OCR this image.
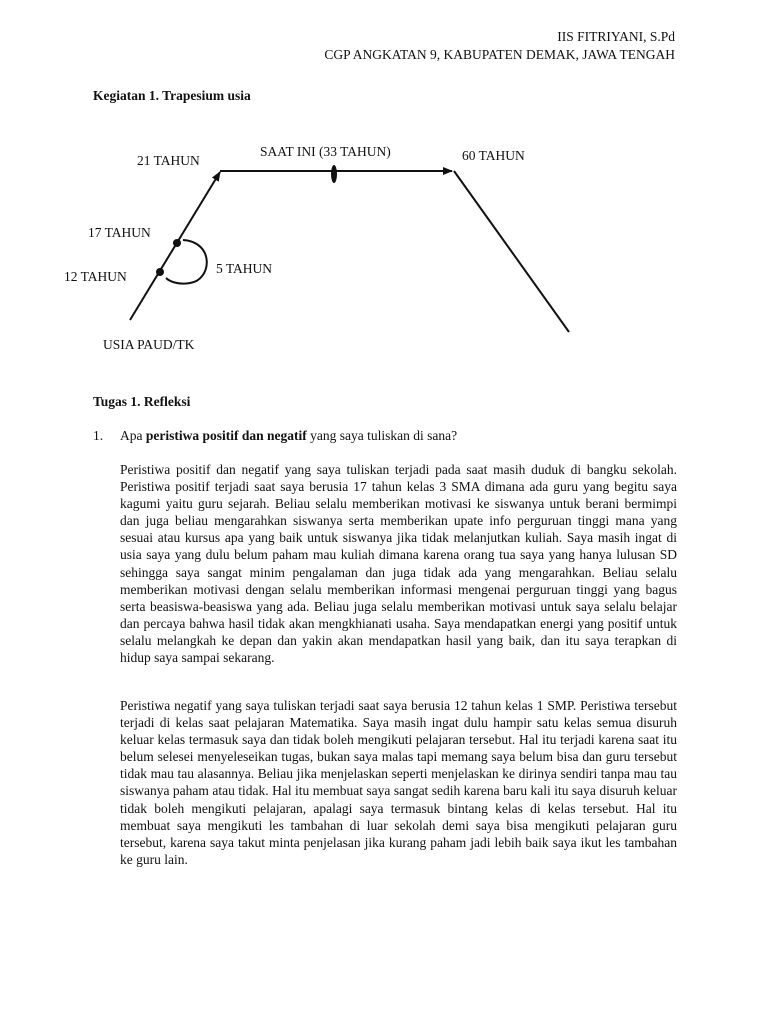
IIS FITRIYANI, S.Pd
CGP ANGKATAN 9, KABUPATEN DEMAK, JAWA TENGAH
Kegiatan 1. Trapesium usia
SAAT INI (33 TAHUN)
21 TAHUN	60 TAHUN
17 TAHUN
12 TAHUN
5 TAHUN
USIA PAUD/TK
Tugas 1. Refleksi
1. Apa peristiwa positif dan negatif yang saya tuliskan di sana?

Peristiwa positif dan negatif yang saya tuliskan terjadi pada saat masih duduk di bangku sekolah. Peristiwa positif terjadi saat saya berusia 17 tahun kelas 3 SMA dimana ada guru yang begitu saya kagumi yaitu guru sejarah. Beliau selalu memberikan motivasi ke siswanya untuk berani bermimpi dan juga beliau mengarahkan siswanya serta memberikan upate info perguruan tinggi mana yang sesuai atau kursus apa yang baik untuk siswanya jika tidak melanjutkan kuliah. Saya masih ingat di usia saya yang dulu belum paham mau kuliah dimana karena orang tua saya yang hanya lulusan SD sehingga saya sangat minim pengalaman dan juga tidak ada yang mengarahkan. Beliau selalu memberikan motivasi dengan selalu memberikan informasi mengenai perguruan tinggi yang bagus serta beasiswa-beasiswa yang ada. Beliau juga selalu memberikan motivasi untuk saya selalu belajar dan percaya bahwa hasil tidak akan mengkhianati usaha. Saya mendapatkan energi yang positif untuk selalu melangkah ke depan dan yakin akan mendapatkan hasil yang baik, dan itu saya terapkan di hidup saya sampai sekarang.

Peristiwa negatif yang saya tuliskan terjadi saat saya berusia 12 tahun kelas 1 SMP. Peristiwa tersebut terjadi di kelas saat pelajaran Matematika. Saya masih ingat dulu hampir satu kelas semua disuruh keluar kelas termasuk saya dan tidak boleh mengikuti pelajaran tersebut. Hal itu terjadi karena saat itu belum selesei menyeleseikan tugas, bukan saya malas tapi memang saya belum bisa dan guru tersebut tidak mau tau alasannya. Beliau jika menjelaskan seperti menjelaskan ke dirinya sendiri tanpa mau tau siswanya paham atau tidak. Hal itu membuat saya sangat sedih karena baru kali itu saya disuruh keluar tidak boleh mengikuti pelajaran, apalagi saya termasuk bintang kelas di kelas tersebut. Hal itu membuat saya mengikuti les tambahan di luar sekolah demi saya bisa mengikuti pelajaran guru tersebut, karena saya takut minta penjelasan jika kurang paham jadi lebih baik saya ikut les tambahan ke guru lain.
